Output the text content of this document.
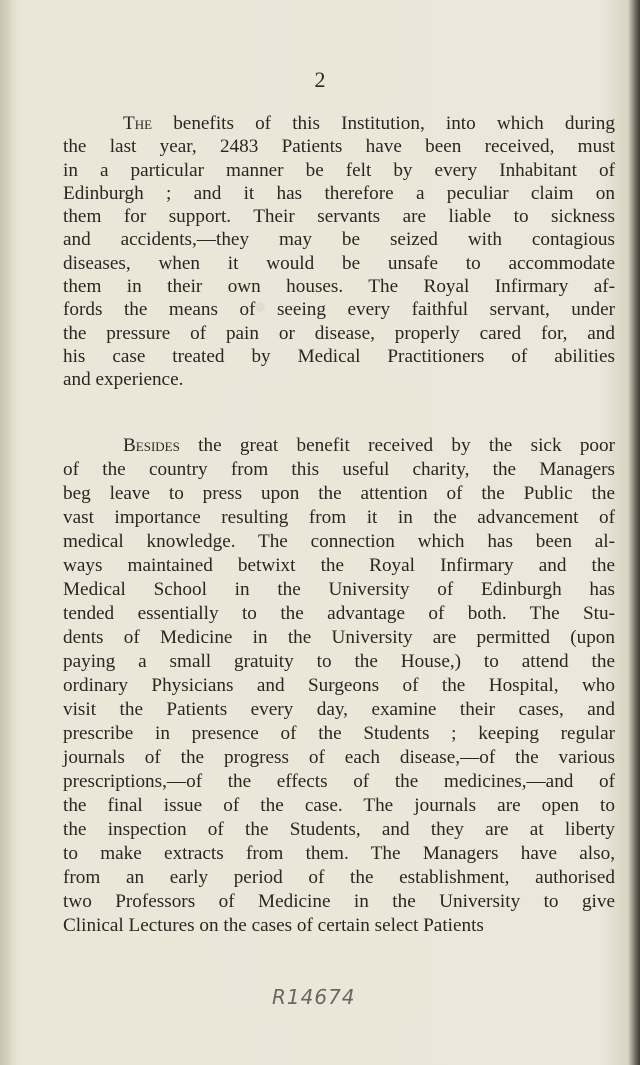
2
The benefits of this Institution, into which during
the last year, 2483 Patients have been received, must
in a particular manner be felt by every Inhabitant of
Edinburgh ; and it has therefore a peculiar claim on
them for support. Their servants are liable to sickness
and accidents,—they may be seized with contagious
diseases, when it would be unsafe to accommodate
them in their own houses. The Royal Infirmary af-
fords the means of seeing every faithful servant, under
the pressure of pain or disease, properly cared for, and
his case treated by Medical Practitioners of abilities
and experience.
Besides the great benefit received by the sick poor
of the country from this useful charity, the Managers
beg leave to press upon the attention of the Public the
vast importance resulting from it in the advancement of
medical knowledge. The connection which has been al-
ways maintained betwixt the Royal Infirmary and the
Medical School in the University of Edinburgh has
tended essentially to the advantage of both. The Stu-
dents of Medicine in the University are permitted (upon
paying a small gratuity to the House,) to attend the
ordinary Physicians and Surgeons of the Hospital, who
visit the Patients every day, examine their cases, and
prescribe in presence of the Students ; keeping regular
journals of the progress of each disease,—of the various
prescriptions,—of the effects of the medicines,—and of
the final issue of the case. The journals are open to
the inspection of the Students, and they are at liberty
to make extracts from them. The Managers have also,
from an early period of the establishment, authorised
two Professors of Medicine in the University to give
Clinical Lectures on the cases of certain select Patients
R14674
